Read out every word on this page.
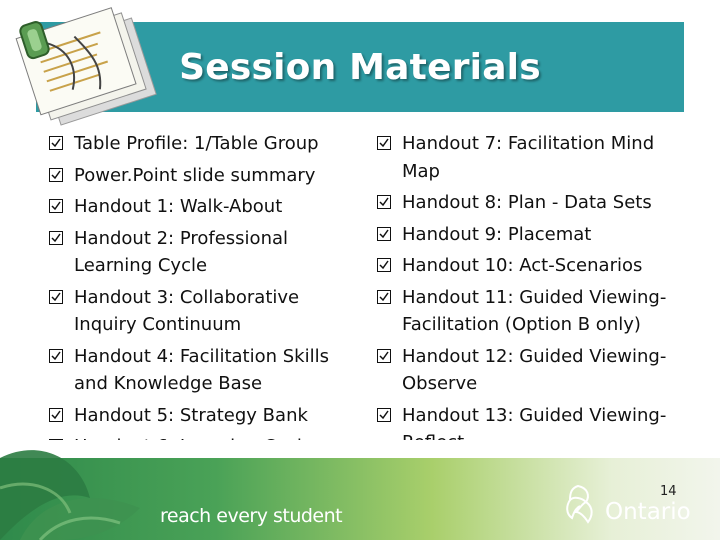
Session Materials
Table Profile: 1/Table Group
Power.Point slide summary
Handout 1: Walk-About
Handout 2: Professional Learning Cycle
Handout 3: Collaborative Inquiry Continuum
Handout 4: Facilitation Skills and Knowledge Base
Handout 5: Strategy Bank
Handout 7: Facilitation Mind Map
Handout 8: Plan - Data Sets
Handout 9: Placemat
Handout 10: Act-Scenarios
Handout 11: Guided Viewing-Facilitation (Option B only)
Handout 12: Guided Viewing-Observe
Handout 13: Guided Viewing-
reach every student
14
Ontario
